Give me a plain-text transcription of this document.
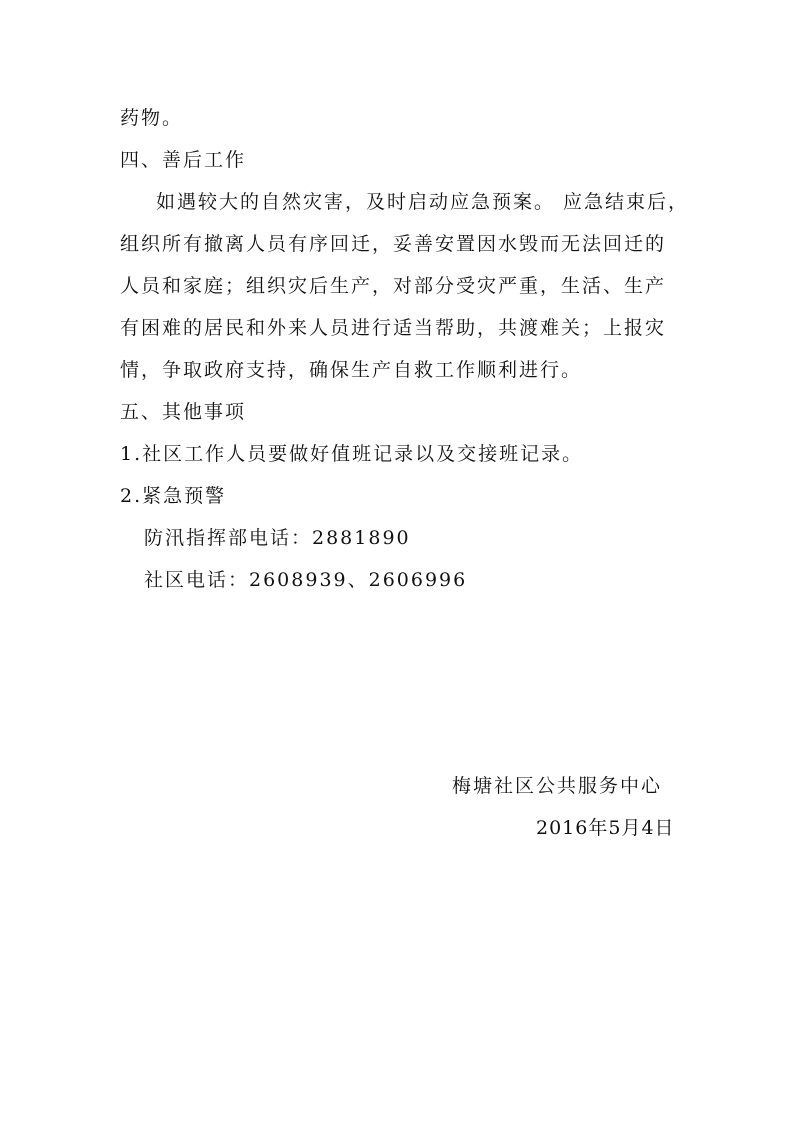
药物。
四、善后工作
如遇较大的自然灾害，及时启动应急预案。 应急结束后，
组织所有撤离人员有序回迁，妥善安置因水毁而无法回迁的
人员和家庭；组织灾后生产，对部分受灾严重，生活、生产
有困难的居民和外来人员进行适当帮助，共渡难关；上报灾
情，争取政府支持，确保生产自救工作顺利进行。
五、其他事项
1.社区工作人员要做好值班记录以及交接班记录。
2.紧急预警
防汛指挥部电话：2881890
社区电话：2608939、2606996
梅塘社区公共服务中心
2016年5月4日
